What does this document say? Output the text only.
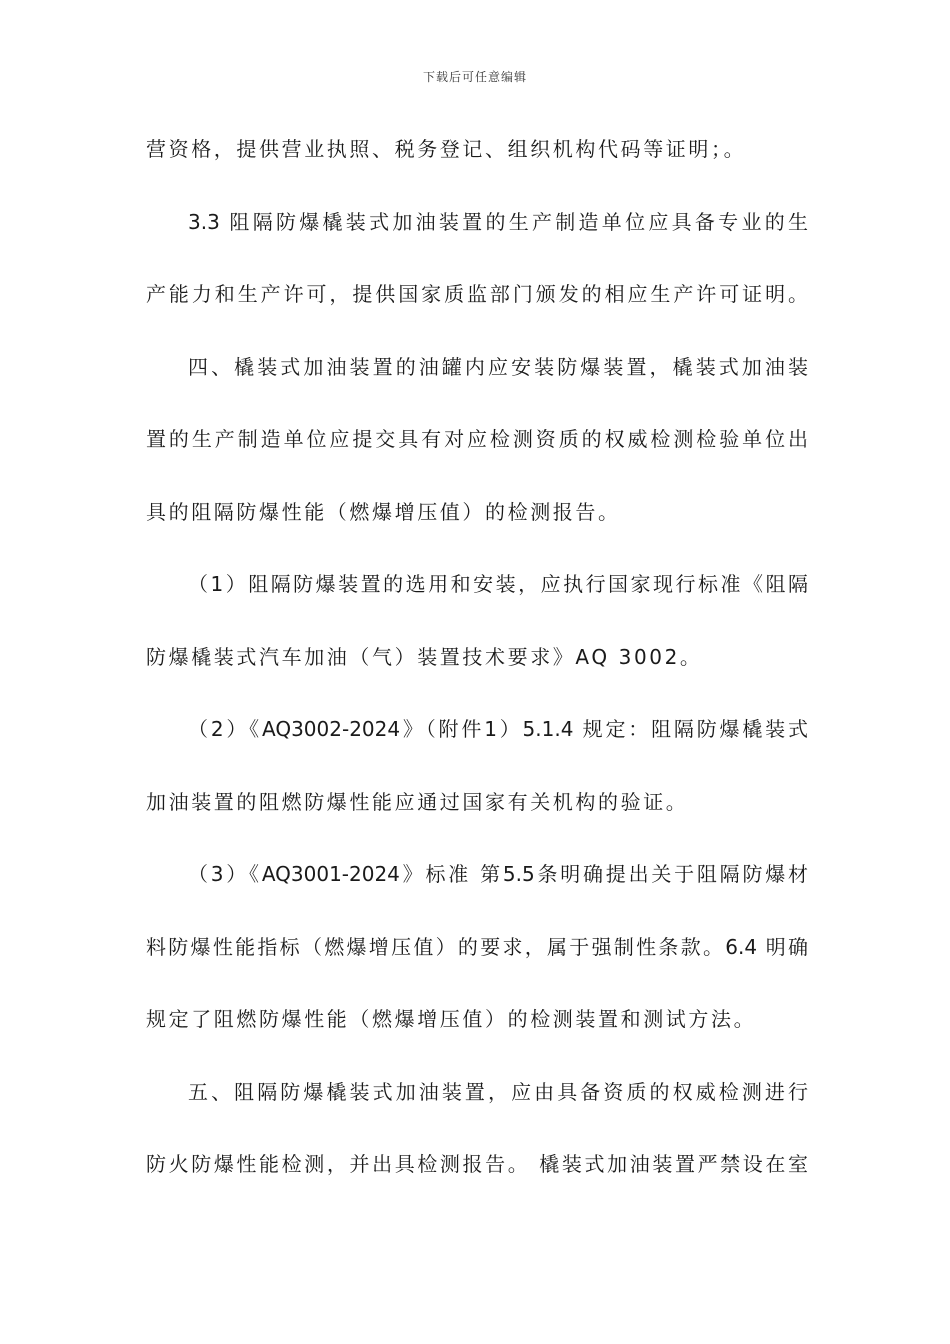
下载后可任意编辑
营资格，提供营业执照、税务登记、组织机构代码等证明；。
3.3 阻隔防爆橇装式加油装置的生产制造单位应具备专业的生
产能力和生产许可，提供国家质监部门颁发的相应生产许可证明。
四、橇装式加油装置的油罐内应安装防爆装置，橇装式加油装
置的生产制造单位应提交具有对应检测资质的权威检测检验单位出
具的阻隔防爆性能（燃爆增压值）的检测报告。
（1）阻隔防爆装置的选用和安装，应执行国家现行标准《阻隔
防爆橇装式汽车加油（气）装置技术要求》AQ 3002。
（2）《AQ3002-2024》（附件1）5.1.4 规定：阻隔防爆橇装式
加油装置的阻燃防爆性能应通过国家有关机构的验证。
（3）《AQ3001-2024》标准 第5.5条明确提出关于阻隔防爆材
料防爆性能指标（燃爆增压值）的要求，属于强制性条款。6.4 明确
规定了阻燃防爆性能（燃爆增压值）的检测装置和测试方法。
五、阻隔防爆橇装式加油装置，应由具备资质的权威检测进行
防火防爆性能检测，并出具检测报告。 橇装式加油装置严禁设在室
